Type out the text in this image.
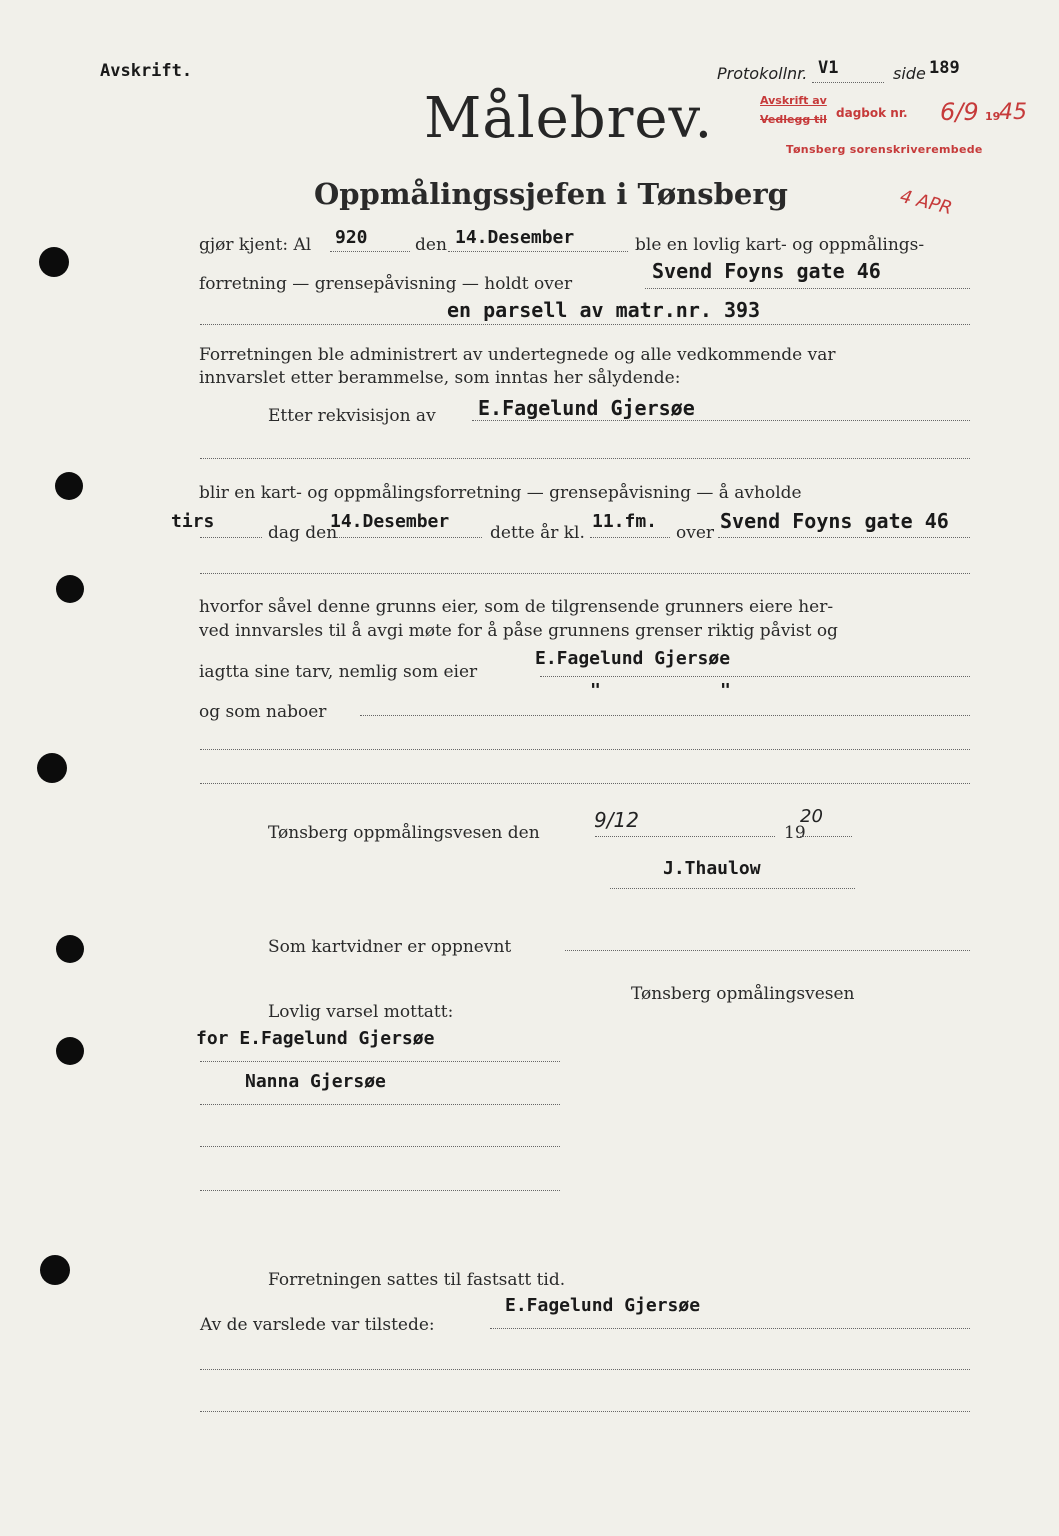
Avskrift.	Protokollnr. V1	side 189
Målebrev.	Avskrift av
Vedlegg til dagbok nr. 6/9 19
45
Tønsberg sorenskriverembede
4 APR
Oppmålingssjefen i Tønsberg
gjør kjent: Al 920	den 14.Desember	ble en lovlig kart- og oppmålings-
forretning — grensepåvisning — holdt over
Svend Foyns gate 46
en parsell av matr.nr. 393
Forretningen ble administrert av undertegnede og alle vedkommende var
innvarslet etter berammelse, som inntas her sålydende:
Etter rekvisisjon av E.Fagelund Gjersøe
blir en kart- og oppmålingsforretning — grensepåvisning — å avholde
tirs
dag den
14.Desember
dette år kl.
11.fm.
over Svend Foyns gate 46
hvorfor såvel denne grunns eier, som de tilgrensende grunners eiere her-
ved innvarsles til å avgi møte for å påse grunnens grenser riktig påvist og
iagtta sine tarv, nemlig som eier
E.Fagelund Gjersøe
"	"
og som naboer
Tønsberg oppmålingsvesen den
9/12
19
20
J.Thaulow
Som kartvidner er oppnevnt
Tønsberg opmålingsvesen
Lovlig varsel mottatt:
for E.Fagelund Gjersøe
Nanna Gjersøe
Forretningen sattes til fastsatt tid.
Av de varslede var tilstede:
E.Fagelund Gjersøe
